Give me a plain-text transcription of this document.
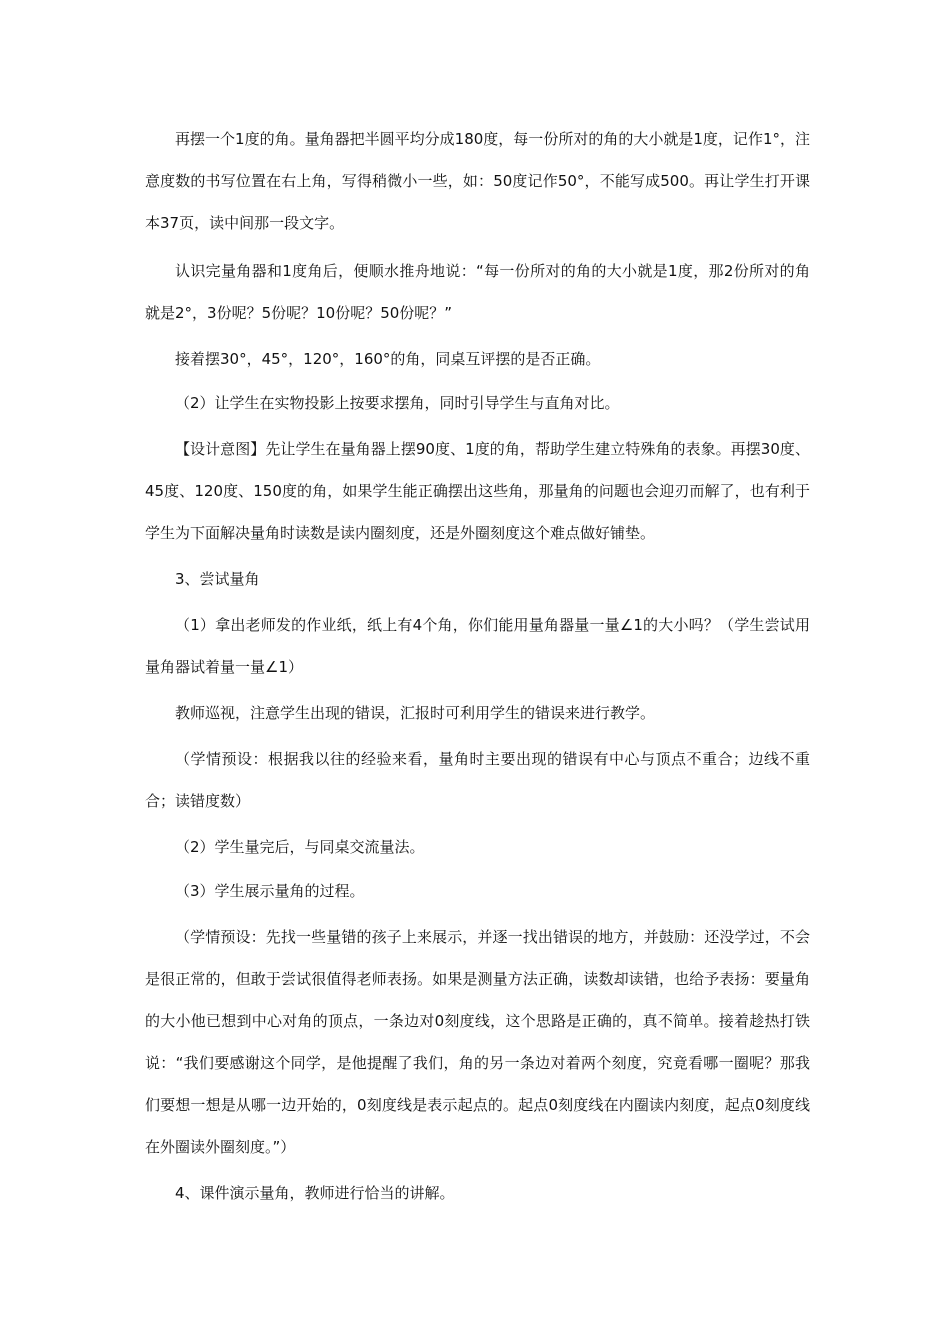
再摆一个1度的角。量角器把半圆平均分成180度，每一份所对的角的大小就是1度，记作1°，注意度数的书写位置在右上角，写得稍微小一些，如：50度记作50°，不能写成500。再让学生打开课本37页，读中间那一段文字。

认识完量角器和1度角后，便顺水推舟地说：“每一份所对的角的大小就是1度，那2份所对的角就是2°，3份呢？5份呢？10份呢？50份呢？”

接着摆30°，45°，120°，160°的角，同桌互评摆的是否正确。

（2）让学生在实物投影上按要求摆角，同时引导学生与直角对比。

【设计意图】先让学生在量角器上摆90度、1度的角，帮助学生建立特殊角的表象。再摆30度、45度、120度、150度的角，如果学生能正确摆出这些角，那量角的问题也会迎刃而解了，也有利于学生为下面解决量角时读数是读内圈刻度，还是外圈刻度这个难点做好铺垫。

3、尝试量角

（1）拿出老师发的作业纸，纸上有4个角，你们能用量角器量一量∠1的大小吗？（学生尝试用量角器试着量一量∠1）

教师巡视，注意学生出现的错误，汇报时可利用学生的错误来进行教学。

（学情预设：根据我以往的经验来看，量角时主要出现的错误有中心与顶点不重合；边线不重合；读错度数）

（2）学生量完后，与同桌交流量法。

（3）学生展示量角的过程。

（学情预设：先找一些量错的孩子上来展示，并逐一找出错误的地方，并鼓励：还没学过，不会是很正常的，但敢于尝试很值得老师表扬。如果是测量方法正确，读数却读错，也给予表扬：要量角的大小他已想到中心对角的顶点，一条边对0刻度线，这个思路是正确的，真不简单。接着趁热打铁说：“我们要感谢这个同学，是他提醒了我们，角的另一条边对着两个刻度，究竟看哪一圈呢？那我们要想一想是从哪一边开始的，0刻度线是表示起点的。起点0刻度线在内圈读内刻度，起点0刻度线在外圈读外圈刻度。”）

4、课件演示量角，教师进行恰当的讲解。
